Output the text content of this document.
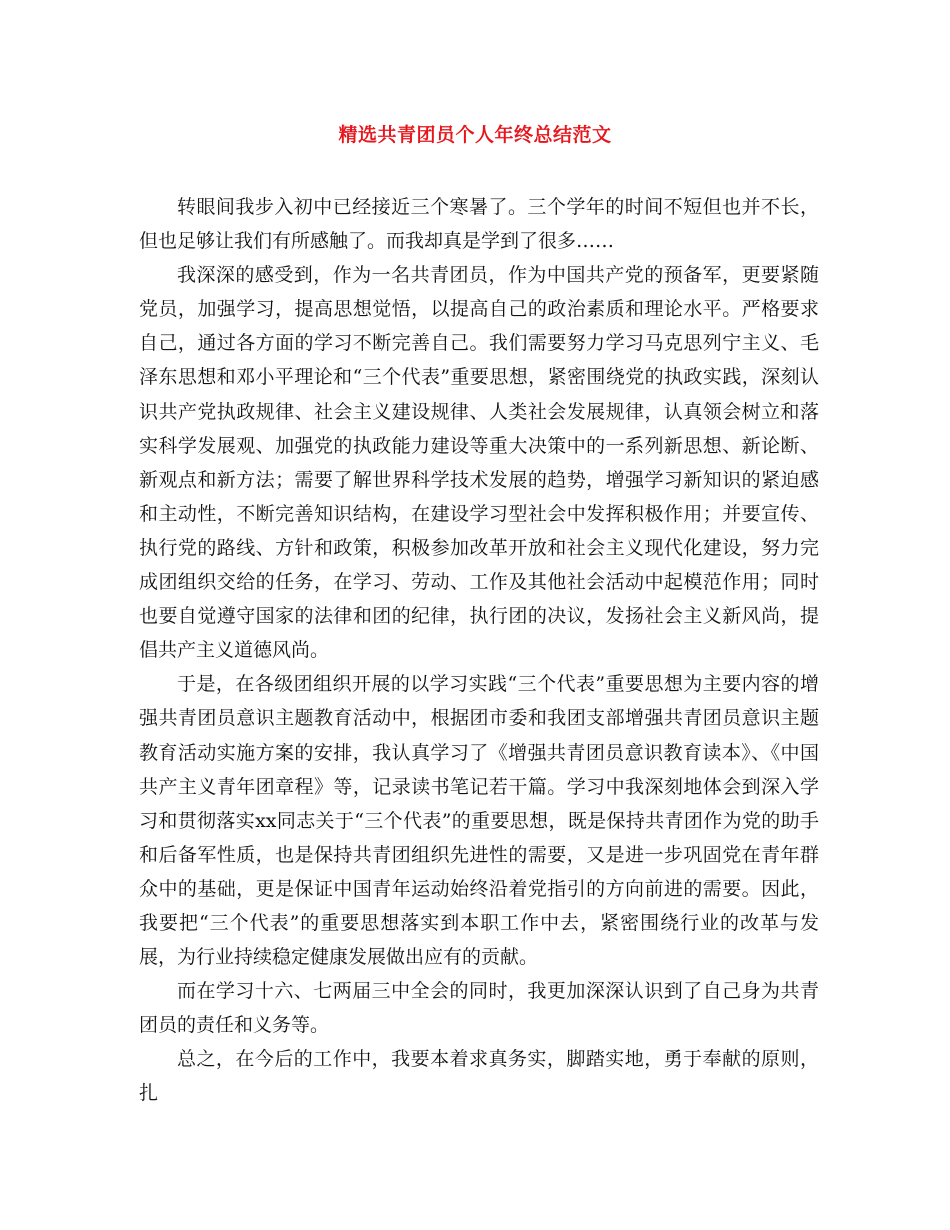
精选共青团员个人年终总结范文

转眼间我步入初中已经接近三个寒暑了。三个学年的时间不短但也并不长，但也足够让我们有所感触了。而我却真是学到了很多……

我深深的感受到，作为一名共青团员，作为中国共产党的预备军，更要紧随党员，加强学习，提高思想觉悟，以提高自己的政治素质和理论水平。严格要求自己，通过各方面的学习不断完善自己。我们需要努力学习马克思列宁主义、毛泽东思想和邓小平理论和“三个代表”重要思想，紧密围绕党的执政实践，深刻认识共产党执政规律、社会主义建设规律、人类社会发展规律，认真领会树立和落实科学发展观、加强党的执政能力建设等重大决策中的一系列新思想、新论断、新观点和新方法；需要了解世界科学技术发展的趋势，增强学习新知识的紧迫感和主动性，不断完善知识结构，在建设学习型社会中发挥积极作用；并要宣传、执行党的路线、方针和政策，积极参加改革开放和社会主义现代化建设，努力完成团组织交给的任务，在学习、劳动、工作及其他社会活动中起模范作用；同时也要自觉遵守国家的法律和团的纪律，执行团的决议，发扬社会主义新风尚，提倡共产主义道德风尚。

于是，在各级团组织开展的以学习实践“三个代表”重要思想为主要内容的增强共青团员意识主题教育活动中，根据团市委和我团支部增强共青团员意识主题教育活动实施方案的安排，我认真学习了《增强共青团员意识教育读本》、《中国共产主义青年团章程》等，记录读书笔记若干篇。学习中我深刻地体会到深入学习和贯彻落实xx同志关于“三个代表”的重要思想，既是保持共青团作为党的助手和后备军性质，也是保持共青团组织先进性的需要，又是进一步巩固党在青年群众中的基础，更是保证中国青年运动始终沿着党指引的方向前进的需要。因此，我要把“三个代表”的重要思想落实到本职工作中去，紧密围绕行业的改革与发展，为行业持续稳定健康发展做出应有的贡献。

而在学习十六、七两届三中全会的同时，我更加深深认识到了自己身为共青团员的责任和义务等。

总之，在今后的工作中，我要本着求真务实，脚踏实地，勇于奉献的原则，扎
